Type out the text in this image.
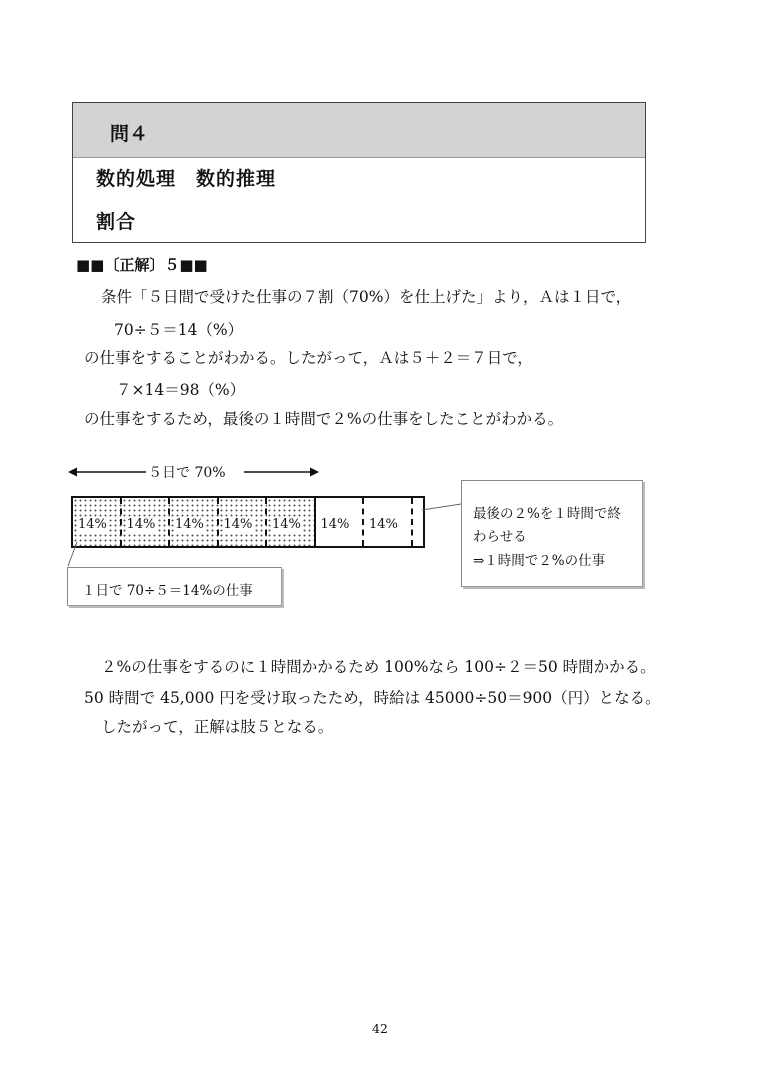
問４
数的処理　数的推理
割合
■■〔正解〕５■■
条件「５日間で受けた仕事の７割（70%）を仕上げた」より，Ａは１日で，
70÷５＝14（%）
の仕事をすることがわかる。したがって，Ａは５＋２＝７日で，
７×14＝98（%）
の仕事をするため，最後の１時間で２%の仕事をしたことがわかる。
５日で 70%
14% 14% 14% 14% 14% 14% 14%
最後の２%を１時間で終
わらせる
⇒１時間で２%の仕事
１日で 70÷５＝14%の仕事
２%の仕事をするのに１時間かかるため 100%なら 100÷２＝50 時間かかる。
50 時間で 45,000 円を受け取ったため，時給は 45000÷50＝900（円）となる。
したがって，正解は肢５となる。
42
